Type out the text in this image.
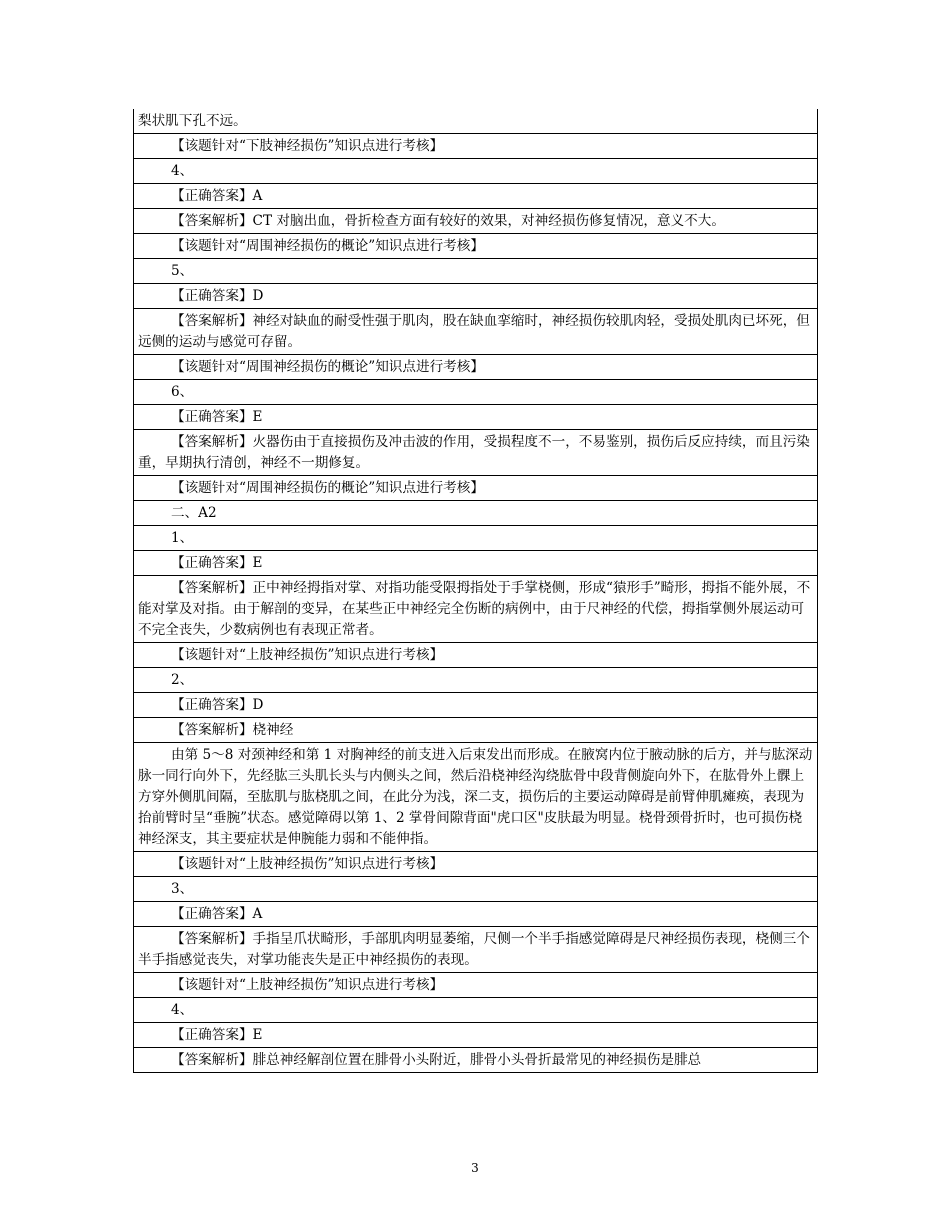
梨状肌下孔不远。
【该题针对“下肢神经损伤”知识点进行考核】
4、
【正确答案】A
【答案解析】CT 对脑出血，骨折检查方面有较好的效果，对神经损伤修复情况，意义不大。
【该题针对“周围神经损伤的概论”知识点进行考核】
5、
【正确答案】D
【答案解析】神经对缺血的耐受性强于肌肉，股在缺血挛缩时，神经损伤较肌肉轻，受损处肌肉已坏死，但远侧的运动与感觉可存留。
【该题针对“周围神经损伤的概论”知识点进行考核】
6、
【正确答案】E
【答案解析】火器伤由于直接损伤及冲击波的作用，受损程度不一，不易鉴别，损伤后反应持续，而且污染重，早期执行清创，神经不一期修复。
【该题针对“周围神经损伤的概论”知识点进行考核】
二、A2
1、
【正确答案】E
【答案解析】正中神经拇指对掌、对指功能受限拇指处于手掌桡侧，形成“猿形手”畸形，拇指不能外展，不能对掌及对指。由于解剖的变异，在某些正中神经完全伤断的病例中，由于尺神经的代偿，拇指掌侧外展运动可不完全丧失，少数病例也有表现正常者。
【该题针对“上肢神经损伤”知识点进行考核】
2、
【正确答案】D
【答案解析】桡神经
由第 5～8 对颈神经和第 1 对胸神经的前支进入后束发出而形成。在腋窝内位于腋动脉的后方，并与肱深动脉一同行向外下，先经肱三头肌长头与内侧头之间，然后沿桡神经沟绕肱骨中段背侧旋向外下，在肱骨外上髁上方穿外侧肌间隔，至肱肌与肱桡肌之间，在此分为浅，深二支，损伤后的主要运动障碍是前臂伸肌瘫痪，表现为抬前臂时呈“垂腕”状态。感觉障碍以第 1、2 掌骨间隙背面"虎口区"皮肤最为明显。桡骨颈骨折时，也可损伤桡神经深支，其主要症状是伸腕能力弱和不能伸指。
【该题针对“上肢神经损伤”知识点进行考核】
3、
【正确答案】A
【答案解析】手指呈爪状畸形，手部肌肉明显萎缩，尺侧一个半手指感觉障碍是尺神经损伤表现，桡侧三个半手指感觉丧失，对掌功能丧失是正中神经损伤的表现。
【该题针对“上肢神经损伤”知识点进行考核】
4、
【正确答案】E
【答案解析】腓总神经解剖位置在腓骨小头附近，腓骨小头骨折最常见的神经损伤是腓总
3
